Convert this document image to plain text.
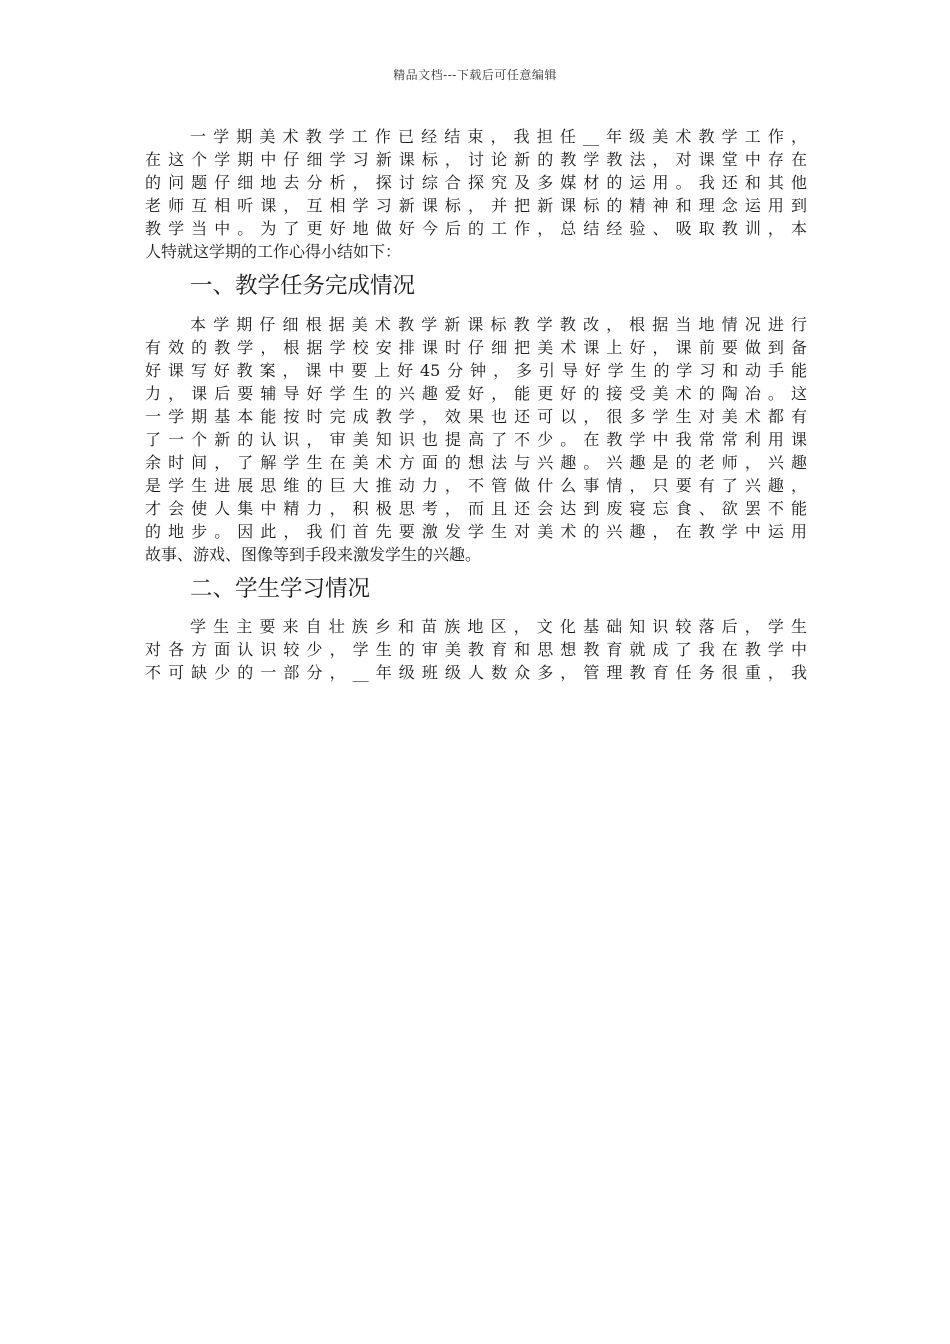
精品文档---下载后可任意编辑
一学期美术教学工作已经结束，我担任__年级美术教学工作，
在这个学期中仔细学习新课标，讨论新的教学教法，对课堂中存在
的问题仔细地去分析，探讨综合探究及多媒材的运用。我还和其他
老师互相听课，互相学习新课标，并把新课标的精神和理念运用到
教学当中。为了更好地做好今后的工作，总结经验、吸取教训，本
人特就这学期的工作心得小结如下：
一、教学任务完成情况
本学期仔细根据美术教学新课标教学教改，根据当地情况进行
有效的教学，根据学校安排课时仔细把美术课上好，课前要做到备
好课写好教案，课中要上好45分钟，多引导好学生的学习和动手能
力，课后要辅导好学生的兴趣爱好，能更好的接受美术的陶冶。这
一学期基本能按时完成教学，效果也还可以，很多学生对美术都有
了一个新的认识，审美知识也提高了不少。在教学中我常常利用课
余时间，了解学生在美术方面的想法与兴趣。兴趣是的老师，兴趣
是学生进展思维的巨大推动力，不管做什么事情，只要有了兴趣，
才会使人集中精力，积极思考，而且还会达到废寝忘食、欲罢不能
的地步。因此，我们首先要激发学生对美术的兴趣，在教学中运用
故事、游戏、图像等到手段来激发学生的兴趣。
二、学生学习情况
学生主要来自壮族乡和苗族地区，文化基础知识较落后，学生
对各方面认识较少，学生的审美教育和思想教育就成了我在教学中
不可缺少的一部分，__年级班级人数众多，管理教育任务很重，我
